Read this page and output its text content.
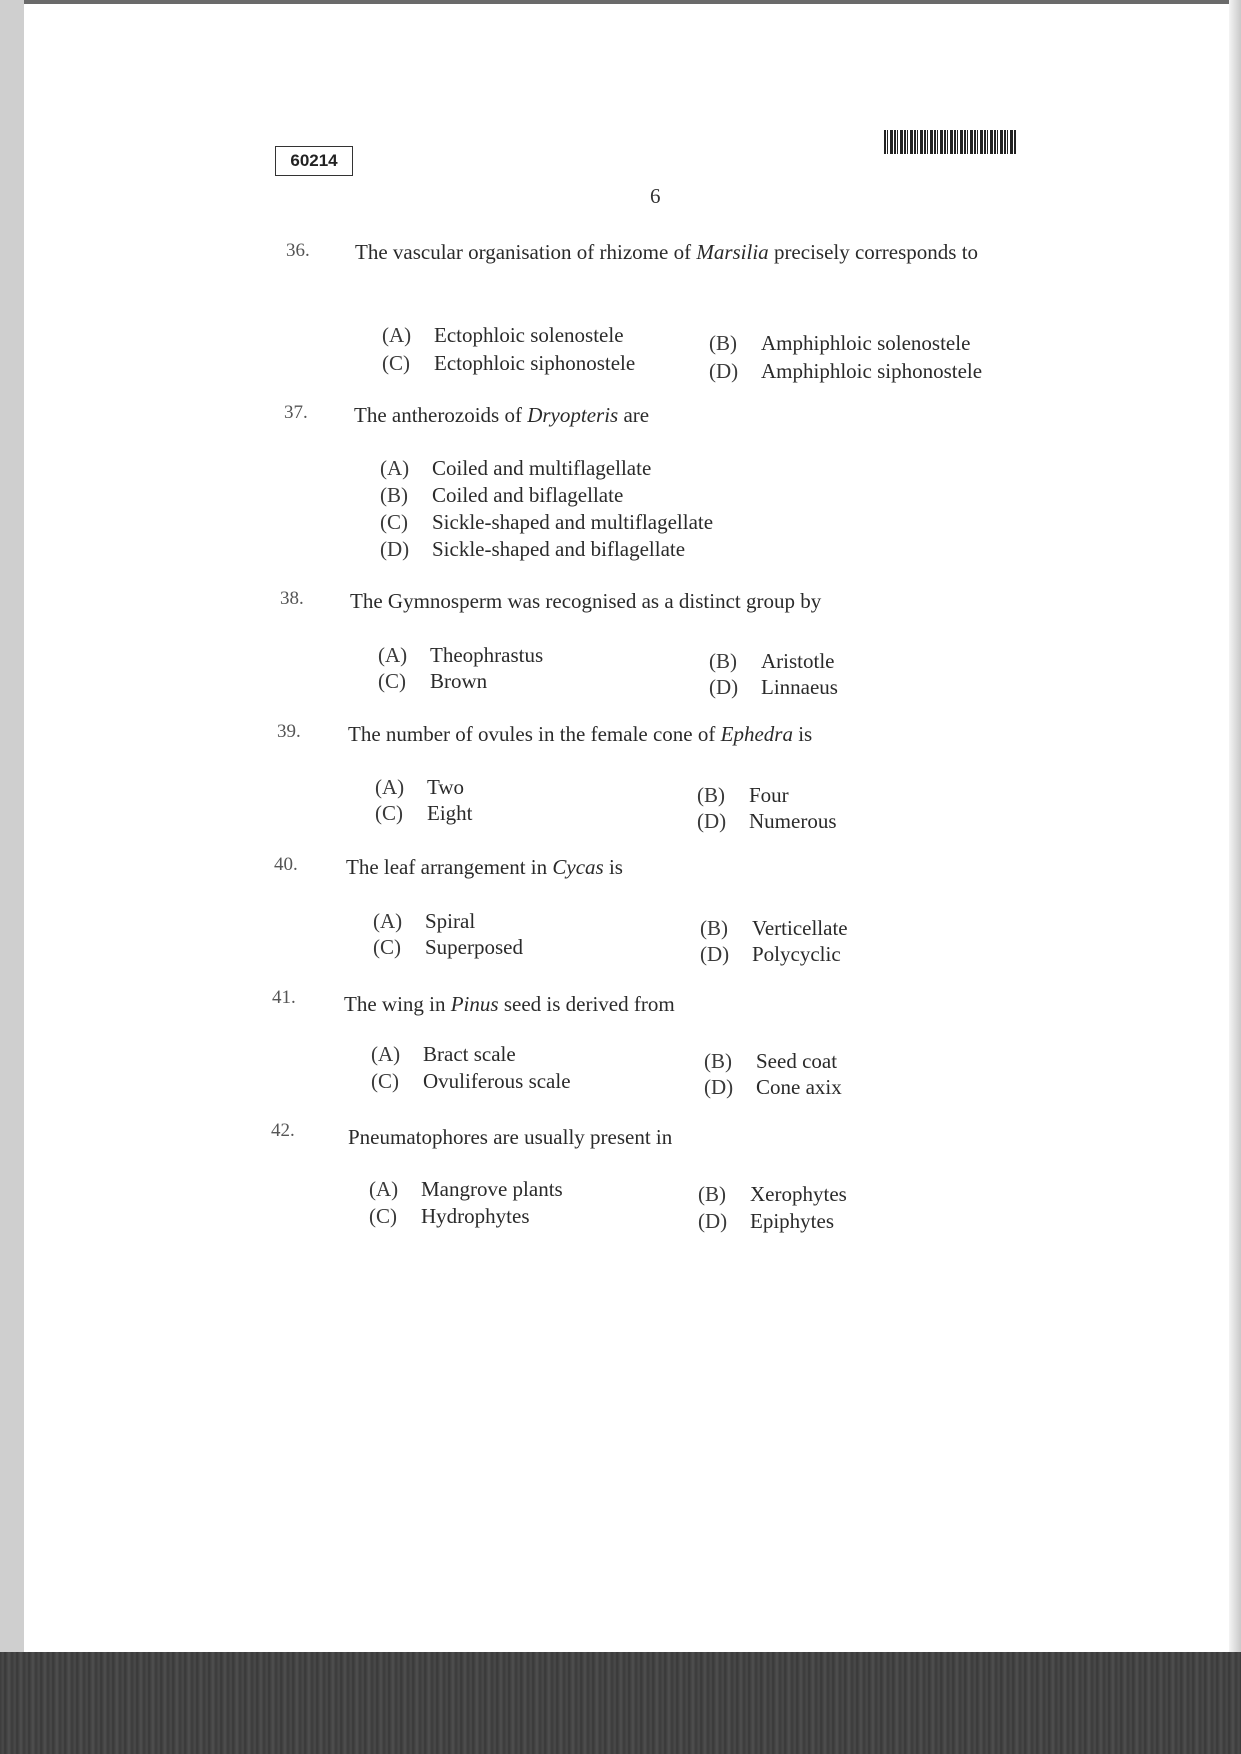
60214
6
36. The vascular organisation of rhizome of Marsilia precisely corresponds to
(A) Ectophloic solenostele	(B) Amphiphloic solenostele
(C) Ectophloic siphonostele	(D) Amphiphloic siphonostele
37. The antherozoids of Dryopteris are
(A) Coiled and multiflagellate
(B) Coiled and biflagellate
(C) Sickle-shaped and multiflagellate
(D) Sickle-shaped and biflagellate
38. The Gymnosperm was recognised as a distinct group by
(A) Theophrastus	(B) Aristotle
(C) Brown	(D) Linnaeus
39. The number of ovules in the female cone of Ephedra is
(A) Two	(B) Four
(C) Eight	(D) Numerous
40. The leaf arrangement in Cycas is
(A) Spiral	(B) Verticellate
(C) Superposed	(D) Polycyclic
41. The wing in Pinus seed is derived from
(A) Bract scale	(B) Seed coat
(C) Ovuliferous scale	(D) Cone axix
42.	Pneumatophores are usually present in
(A) Mangrove plants	(B) Xerophytes
(C) Hydrophytes	(D) Epiphytes
